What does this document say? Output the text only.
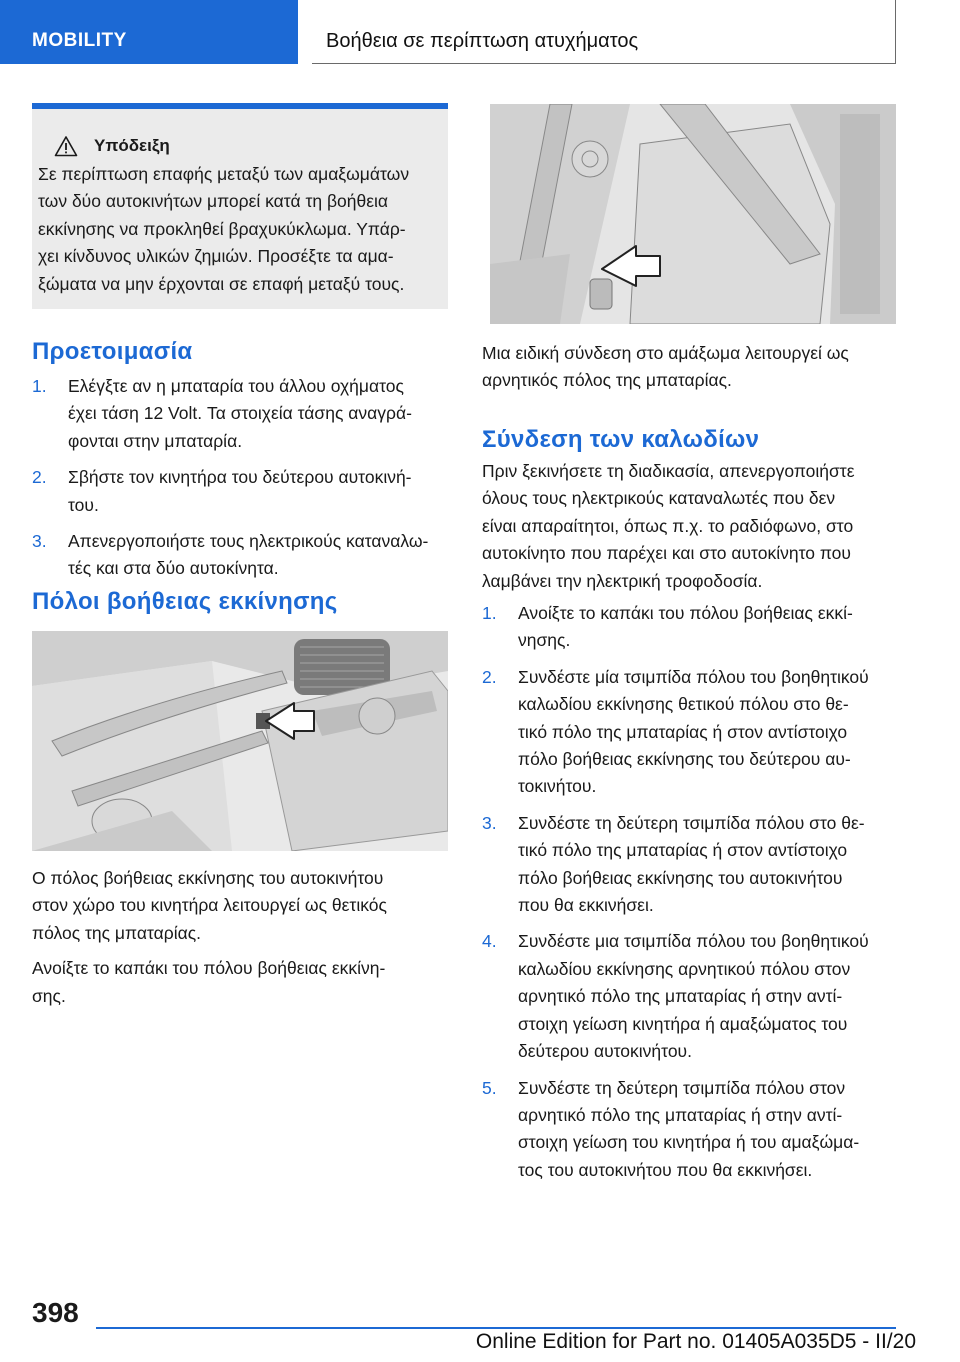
MOBILITY	Βοήθεια σε περίπτωση ατυχήματος
Υπόδειξη
Σε περίπτωση επαφής μεταξύ των αμαξωμάτων
των δύο αυτοκινήτων μπορεί κατά τη βοήθεια
εκκίνησης να προκληθεί βραχυκύκλωμα. Υπάρ-
χει κίνδυνος υλικών ζημιών. Προσέξτε τα αμα-
ξώματα να μην έρχονται σε επαφή μεταξύ τους.
Προετοιμασία
1. Ελέγξτε αν η μπαταρία του άλλου οχήματος
έχει τάση 12 Volt. Τα στοιχεία τάσης αναγρά-
φονται στην μπαταρία.
2. Σβήστε τον κινητήρα του δεύτερου αυτοκινή-
του.
3. Απενεργοποιήστε τους ηλεκτρικούς καταναλω-
τές και στα δύο αυτοκίνητα.
Πόλοι βοήθειας εκκίνησης

Ο πόλος βοήθειας εκκίνησης του αυτοκινήτου
στον χώρο του κινητήρα λειτουργεί ως θετικός
πόλος της μπαταρίας.

Ανοίξτε το καπάκι του πόλου βοήθειας εκκίνη-
σης.

Μια ειδική σύνδεση στο αμάξωμα λειτουργεί ως
αρνητικός πόλος της μπαταρίας.

Σύνδεση των καλωδίων

Πριν ξεκινήσετε τη διαδικασία, απενεργοποιήστε
όλους τους ηλεκτρικούς καταναλωτές που δεν
είναι απαραίτητοι, όπως π.χ. το ραδιόφωνο, στο
αυτοκίνητο που παρέχει και στο αυτοκίνητο που
λαμβάνει την ηλεκτρική τροφοδοσία.

1. Ανοίξτε το καπάκι του πόλου βοήθειας εκκί-
νησης.
2. Συνδέστε μία τσιμπίδα πόλου του βοηθητικού
καλωδίου εκκίνησης θετικού πόλου στο θε-
τικό πόλο της μπαταρίας ή στον αντίστοιχο
πόλο βοήθειας εκκίνησης του δεύτερου αυ-
τοκινήτου.
3. Συνδέστε τη δεύτερη τσιμπίδα πόλου στο θε-
τικό πόλο της μπαταρίας ή στον αντίστοιχο
πόλο βοήθειας εκκίνησης του αυτοκινήτου
που θα εκκινήσει.
4. Συνδέστε μια τσιμπίδα πόλου του βοηθητικού
καλωδίου εκκίνησης αρνητικού πόλου στον
αρνητικό πόλο της μπαταρίας ή στην αντί-
στοιχη γείωση κινητήρα ή αμαξώματος του
δεύτερου αυτοκινήτου.
5. Συνδέστε τη δεύτερη τσιμπίδα πόλου στον
αρνητικό πόλο της μπαταρίας ή στην αντί-
στοιχη γείωση του κινητήρα ή του αμαξώμα-
τος του αυτοκινήτου που θα εκκινήσει.
398
Online Edition for Part no. 01405A035D5 - II/20
